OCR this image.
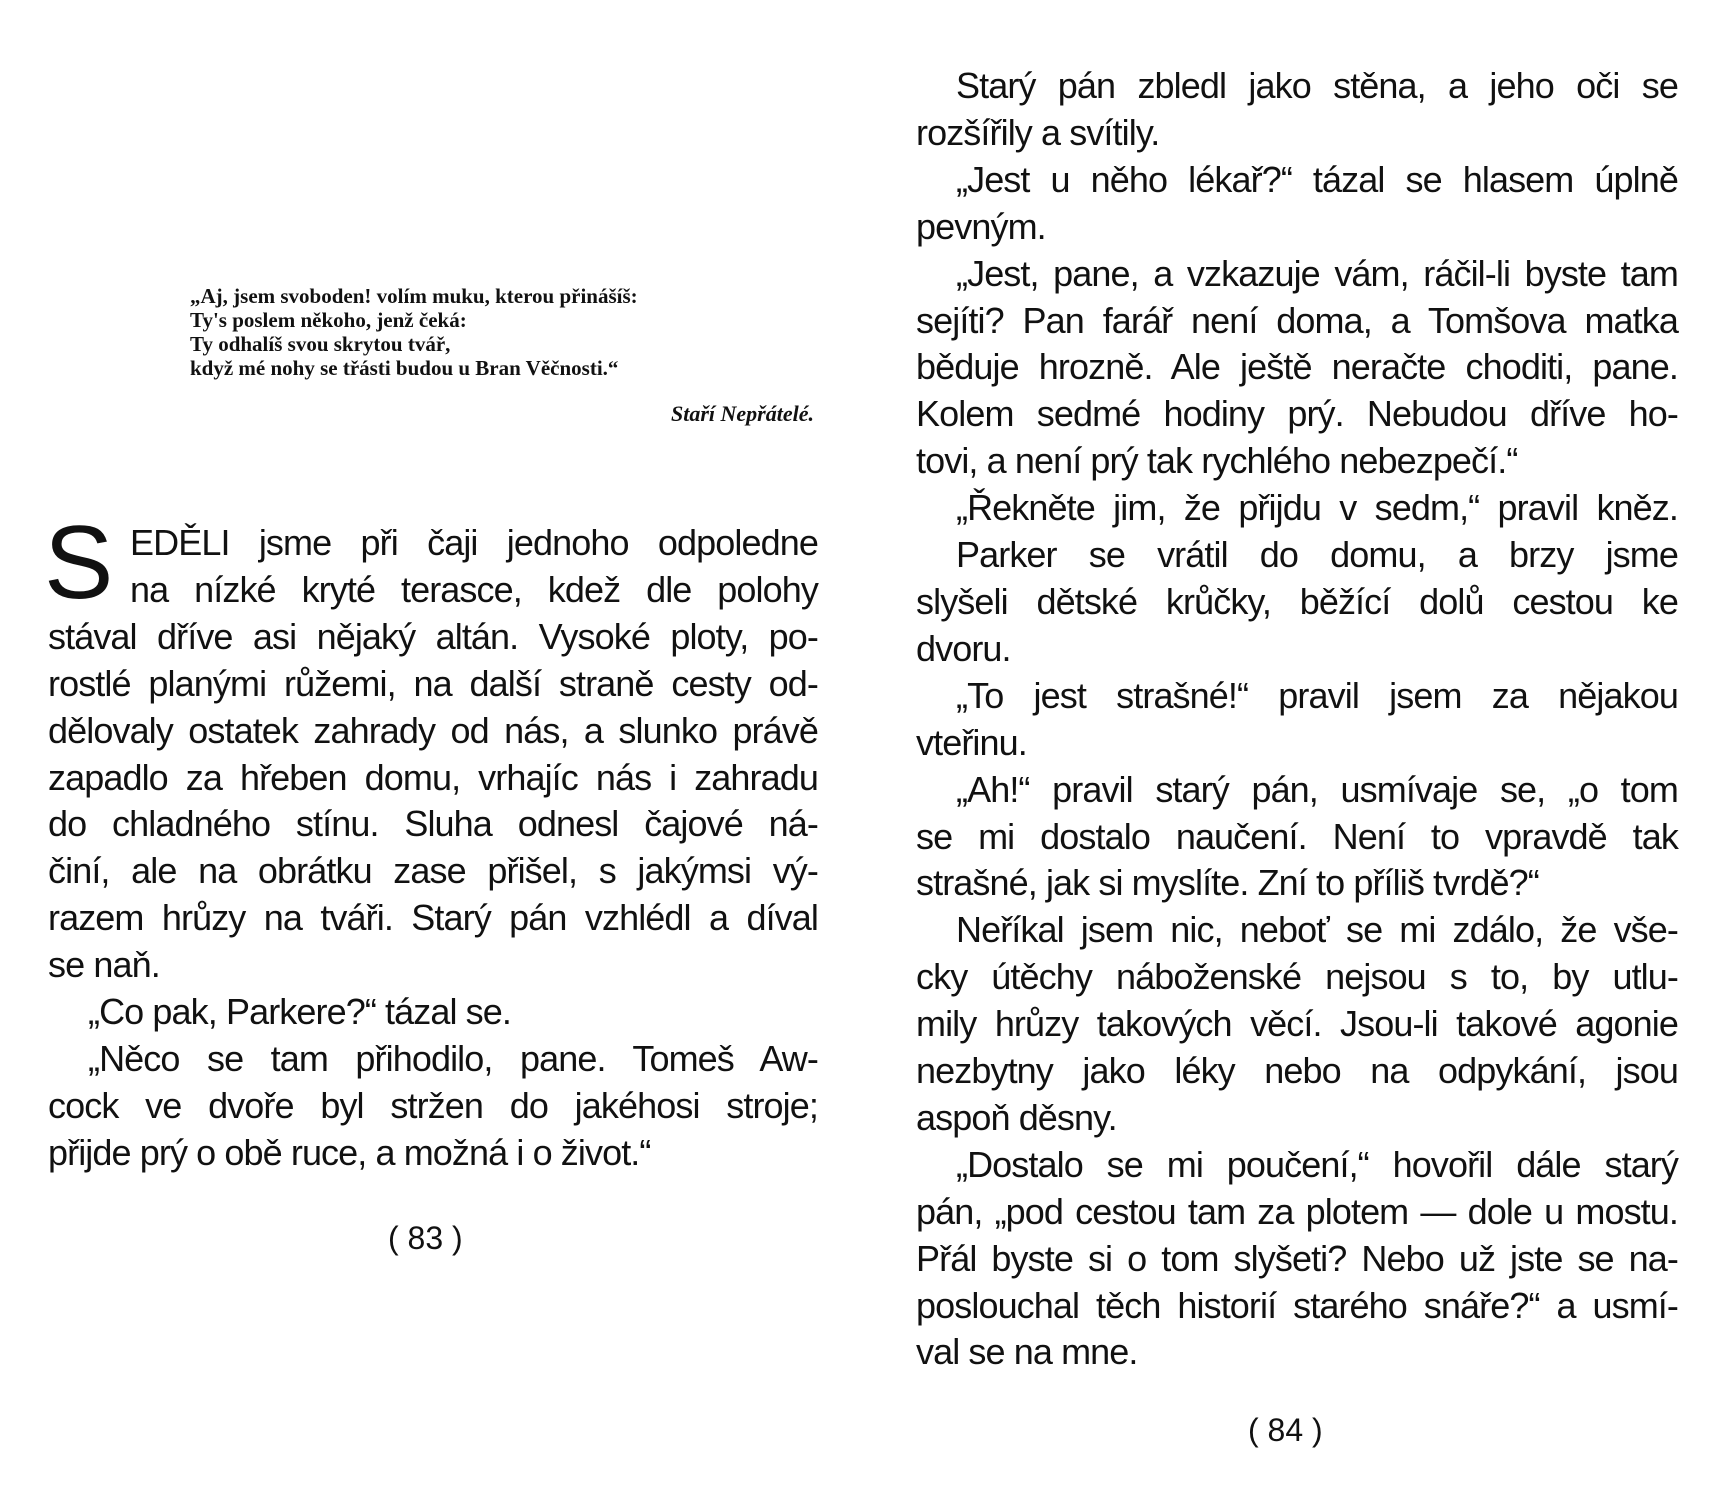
„Aj, jsem svoboden! volím muku, kterou přinášíš:
Ty's poslem někoho, jenž čeká:
Ty odhalíš svou skrytou tvář,
když mé nohy se třásti budou u Bran Věčnosti.“
Staří Nepřátelé.
S EDĚLI jsme při čaji jednoho odpoledne
na nízké kryté terasce, kdež dle polohy
stával dříve asi nějaký altán. Vysoké ploty, po-
rostlé planými růžemi, na další straně cesty od-
dělovaly ostatek zahrady od nás, a slunko právě
zapadlo za hřeben domu, vrhajíc nás i zahradu
do chladného stínu. Sluha odnesl čajové ná-
činí, ale na obrátku zase přišel, s jakýmsi vý-
razem hrůzy na tváři. Starý pán vzhlédl a díval
se naň.
„Co pak, Parkere?“ tázal se.
„Něco se tam přihodilo, pane. Tomeš Aw-
cock ve dvoře byl stržen do jakéhosi stroje;
přijde prý o obě ruce, a možná i o život.“
( 83 )
Starý pán zbledl jako stěna, a jeho oči se
rozšířily a svítily.
„Jest u něho lékař?“ tázal se hlasem úplně
pevným.
„Jest, pane, a vzkazuje vám, ráčil-li byste tam
sejíti? Pan farář není doma, a Tomšova matka
běduje hrozně. Ale ještě neračte choditi, pane.
Kolem sedmé hodiny prý. Nebudou dříve ho-
tovi, a není prý tak rychlého nebezpečí.“
„Řekněte jim, že přijdu v sedm,“ pravil kněz.
Parker se vrátil do domu, a brzy jsme
slyšeli dětské krůčky, běžící dolů cestou ke
dvoru.
„To jest strašné!“ pravil jsem za nějakou
vteřinu.
„Ah!“ pravil starý pán, usmívaje se, „o tom
se mi dostalo naučení. Není to vpravdě tak
strašné, jak si myslíte. Zní to příliš tvrdě?“
Neříkal jsem nic, neboť se mi zdálo, že vše-
cky útěchy náboženské nejsou s to, by utlu-
mily hrůzy takových věcí. Jsou-li takové agonie
nezbytny jako léky nebo na odpykání, jsou
aspoň děsny.
„Dostalo se mi poučení,“ hovořil dále starý
pán, „pod cestou tam za plotem — dole u mostu.
Přál byste si o tom slyšeti? Nebo už jste se na-
poslouchal těch historií starého snáře?“ a usmí-
val se na mne.
( 84 )
